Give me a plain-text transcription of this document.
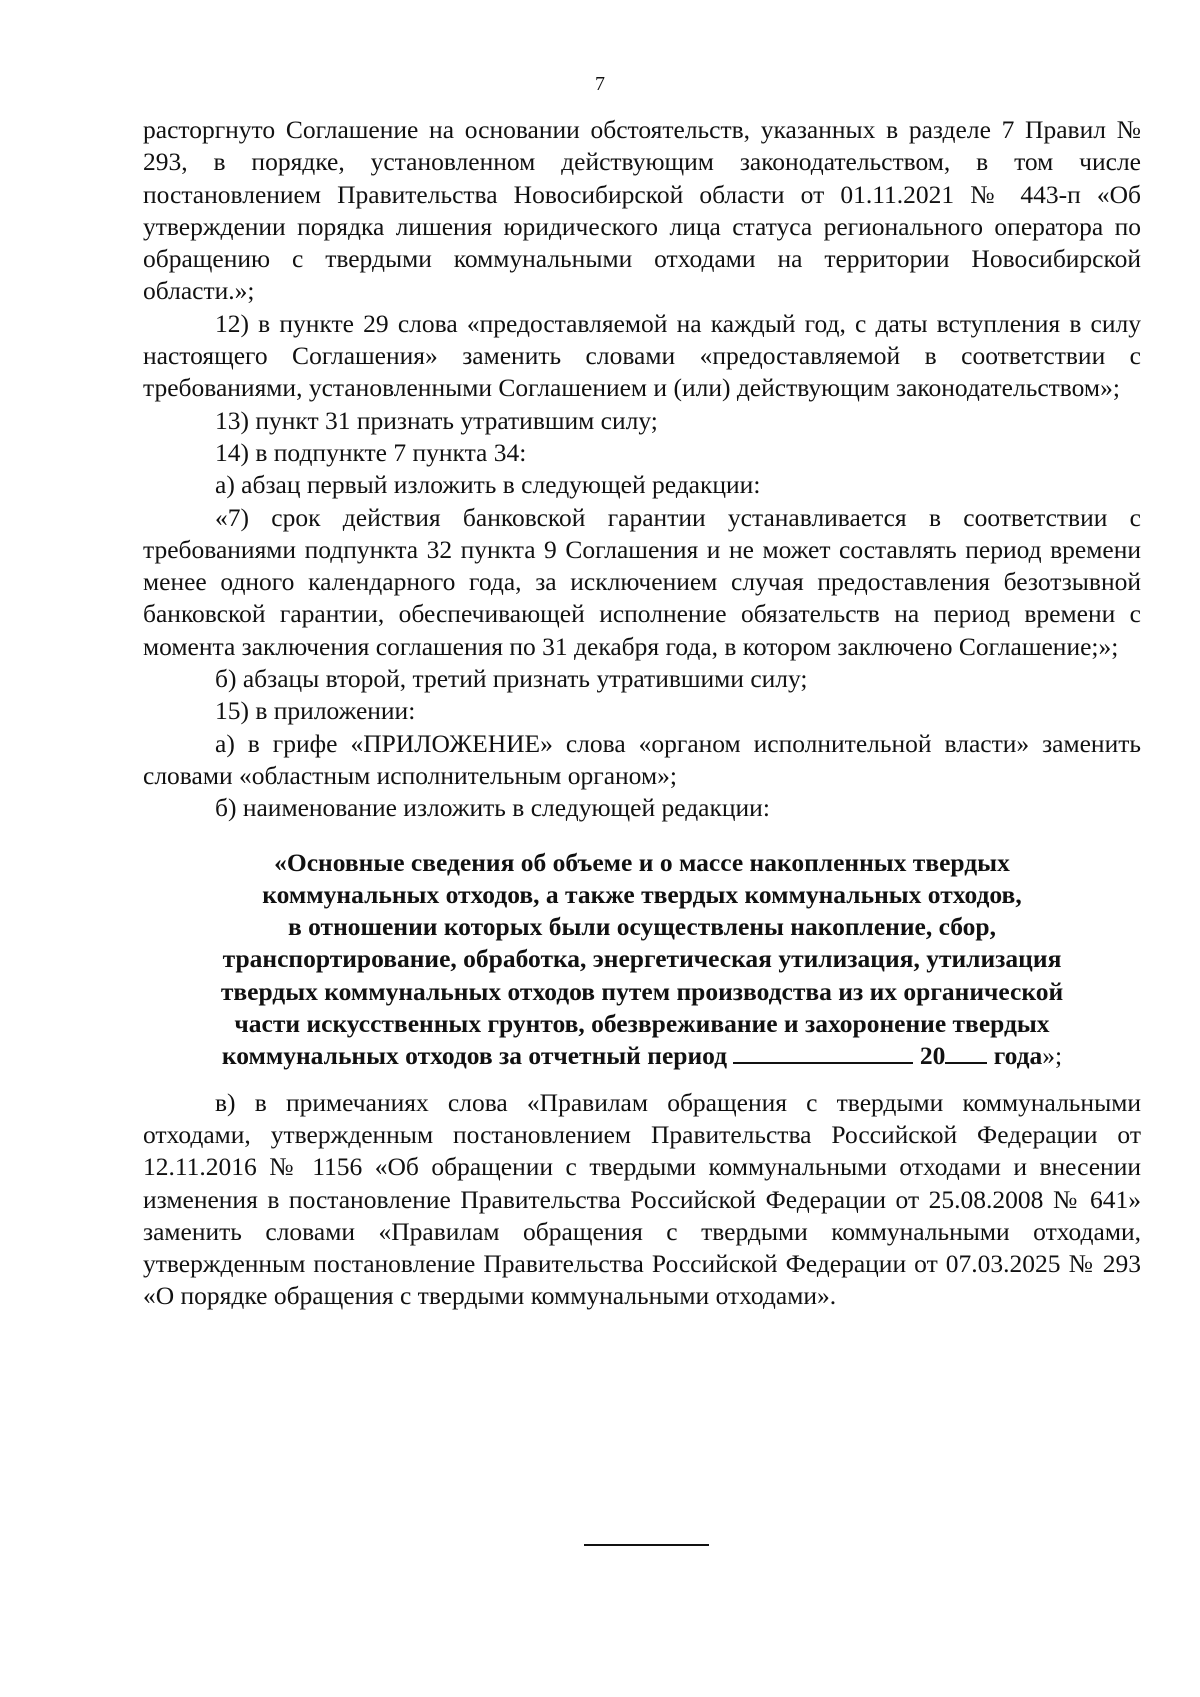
7

расторгнуто Соглашение на основании обстоятельств, указанных в разделе 7 Правил № 293, в порядке, установленном действующим законодательством, в том числе постановлением Правительства Новосибирской области от 01.11.2021 № 443-п «Об утверждении порядка лишения юридического лица статуса регионального оператора по обращению с твердыми коммунальными отходами на территории Новосибирской области.»;

12) в пункте 29 слова «предоставляемой на каждый год, с даты вступления в силу настоящего Соглашения» заменить словами «предоставляемой в соответствии с требованиями, установленными Соглашением и (или) действующим законодательством»;

13) пункт 31 признать утратившим силу;

14) в подпункте 7 пункта 34:

а) абзац первый изложить в следующей редакции:

«7) срок действия банковской гарантии устанавливается в соответствии с требованиями подпункта 32 пункта 9 Соглашения и не может составлять период времени менее одного календарного года, за исключением случая предоставления безотзывной банковской гарантии, обеспечивающей исполнение обязательств на период времени с момента заключения соглашения по 31 декабря года, в котором заключено Соглашение;»;

б) абзацы второй, третий признать утратившими силу;

15) в приложении:

а) в грифе «ПРИЛОЖЕНИЕ» слова «органом исполнительной власти» заменить словами «областным исполнительным органом»;

б) наименование изложить в следующей редакции:

«Основные сведения об объеме и о массе накопленных твердых
коммунальных отходов, а также твердых коммунальных отходов,
в отношении которых были осуществлены накопление, сбор,
транспортирование, обработка, энергетическая утилизация, утилизация
твердых коммунальных отходов путем производства из их органической
части искусственных грунтов, обезвреживание и захоронение твердых
коммунальных отходов за отчетный период	20 года»;

в) в примечаниях слова «Правилам обращения с твердыми коммунальными отходами, утвержденным постановлением Правительства Российской Федерации от 12.11.2016 № 1156 «Об обращении с твердыми коммунальными отходами и внесении изменения в постановление Правительства Российской Федерации от 25.08.2008 № 641» заменить словами «Правилам обращения с твердыми коммунальными отходами, утвержденным постановление Правительства Российской Федерации от 07.03.2025 № 293 «О порядке обращения с твердыми коммунальными отходами».
